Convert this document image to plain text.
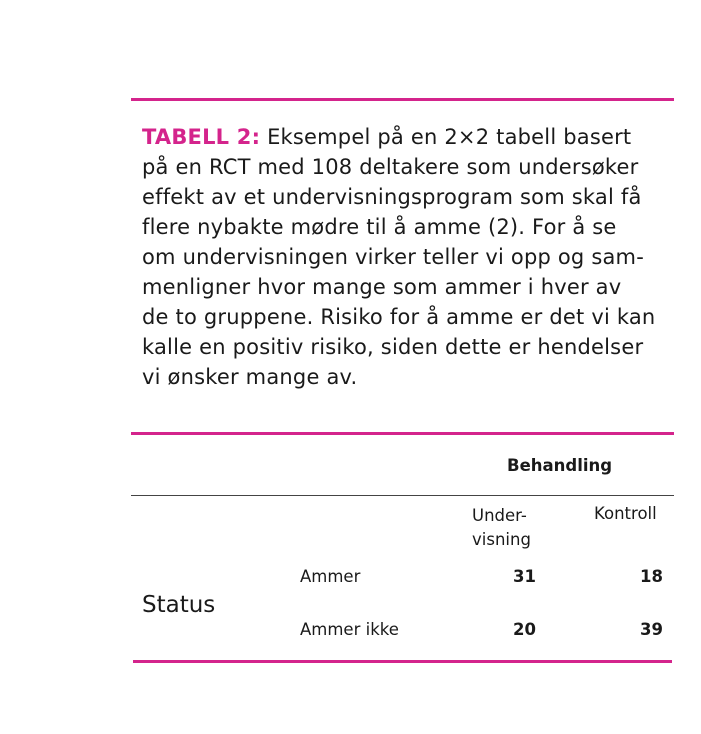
TABELL 2: Eksempel på en 2×2 tabell basert
på en RCT med 108 deltakere som undersøker
effekt av et undervisningsprogram som skal få
flere nybakte mødre til å amme (2). For å se
om undervisningen virker teller vi opp og sam-
menligner hvor mange som ammer i hver av
de to gruppene. Risiko for å amme er det vi kan
kalle en positiv risiko, siden dette er hendelser
vi ønsker mange av.
Behandling
Under-
visning
Kontroll
Status
Ammer	31	18
Ammer ikke	20	39
